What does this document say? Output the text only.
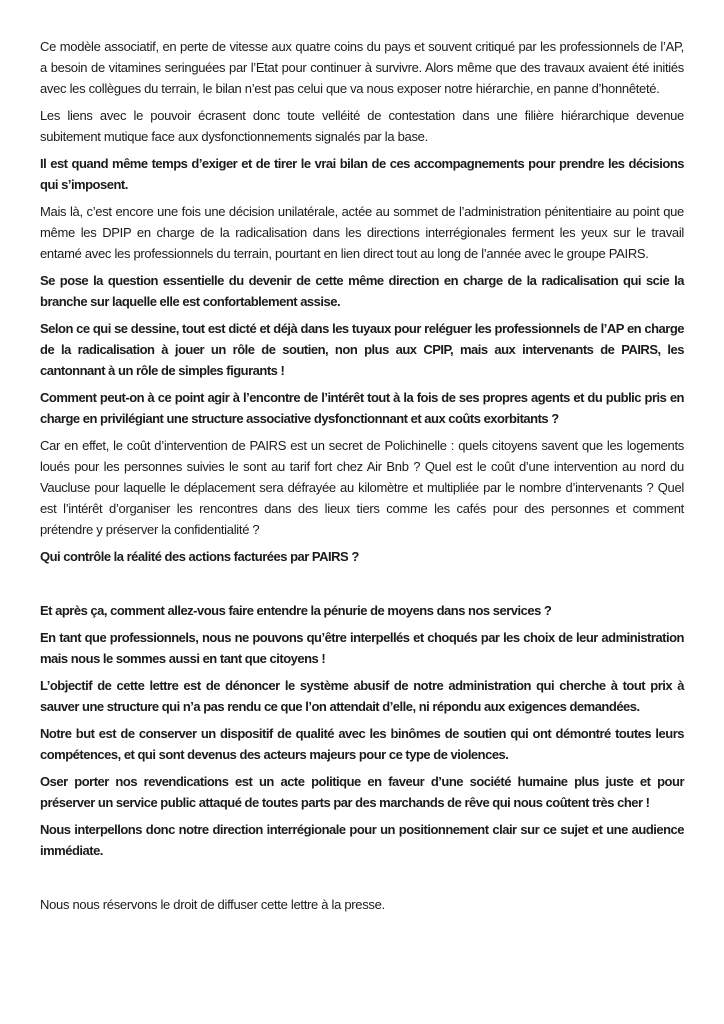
Ce modèle associatif, en perte de vitesse aux quatre coins du pays et souvent critiqué par les professionnels de l’AP, a besoin de vitamines seringuées par l’Etat pour continuer à survivre. Alors même que des travaux avaient été initiés avec les collègues du terrain, le bilan n’est pas celui que va nous exposer notre hiérarchie, en panne d’honnêteté.

Les liens avec le pouvoir écrasent donc toute velléité de contestation dans une filière hiérarchique devenue subitement mutique face aux dysfonctionnements signalés par la base.

Il est quand même temps d’exiger et de tirer le vrai bilan de ces accompagnements pour prendre les décisions qui s’imposent.

Mais là, c’est encore une fois une décision unilatérale, actée au sommet de l’administration pénitentiaire au point que même les DPIP en charge de la radicalisation dans les directions interrégionales ferment les yeux sur le travail entamé avec les professionnels du terrain, pourtant en lien direct tout au long de l’année avec le groupe PAIRS.

Se pose la question essentielle du devenir de cette même direction en charge de la radicalisation qui scie la branche sur laquelle elle est confortablement assise.

Selon ce qui se dessine, tout est dicté et déjà dans les tuyaux pour reléguer les professionnels de l’AP en charge de la radicalisation à jouer un rôle de soutien, non plus aux CPIP, mais aux intervenants de PAIRS, les cantonnant à un rôle de simples figurants !

Comment peut-on à ce point agir à l’encontre de l’intérêt tout à la fois de ses propres agents et du public pris en charge en privilégiant une structure associative dysfonctionnant et aux coûts exorbitants ?

Car en effet, le coût d’intervention de PAIRS est un secret de Polichinelle : quels citoyens savent que les logements loués pour les personnes suivies le sont au tarif fort chez Air Bnb ? Quel est le coût d’une intervention au nord du Vaucluse pour laquelle le déplacement sera défrayée au kilomètre et multipliée par le nombre d’intervenants ? Quel est l’intérêt d’organiser les rencontres dans des lieux tiers comme les cafés pour des personnes et comment prétendre y préserver la confidentialité ?

Qui contrôle la réalité des actions facturées par PAIRS ?

Et après ça, comment allez-vous faire entendre la pénurie de moyens dans nos services ?

En tant que professionnels, nous ne pouvons qu’être interpellés et choqués par les choix de leur administration mais nous le sommes aussi en tant que citoyens !

L’objectif de cette lettre est de dénoncer le système abusif de notre administration qui cherche à tout prix à sauver une structure qui n’a pas rendu ce que l’on attendait d’elle, ni répondu aux exigences demandées.

Notre but est de conserver un dispositif de qualité avec les binômes de soutien qui ont démontré toutes leurs compétences, et qui sont devenus des acteurs majeurs pour ce type de violences.

Oser porter nos revendications est un acte politique en faveur d’une société humaine plus juste et pour préserver un service public attaqué de toutes parts par des marchands de rêve qui nous coûtent très cher !

Nous interpellons donc notre direction interrégionale pour un positionnement clair sur ce sujet et une audience immédiate.

Nous nous réservons le droit de diffuser cette lettre à la presse.
